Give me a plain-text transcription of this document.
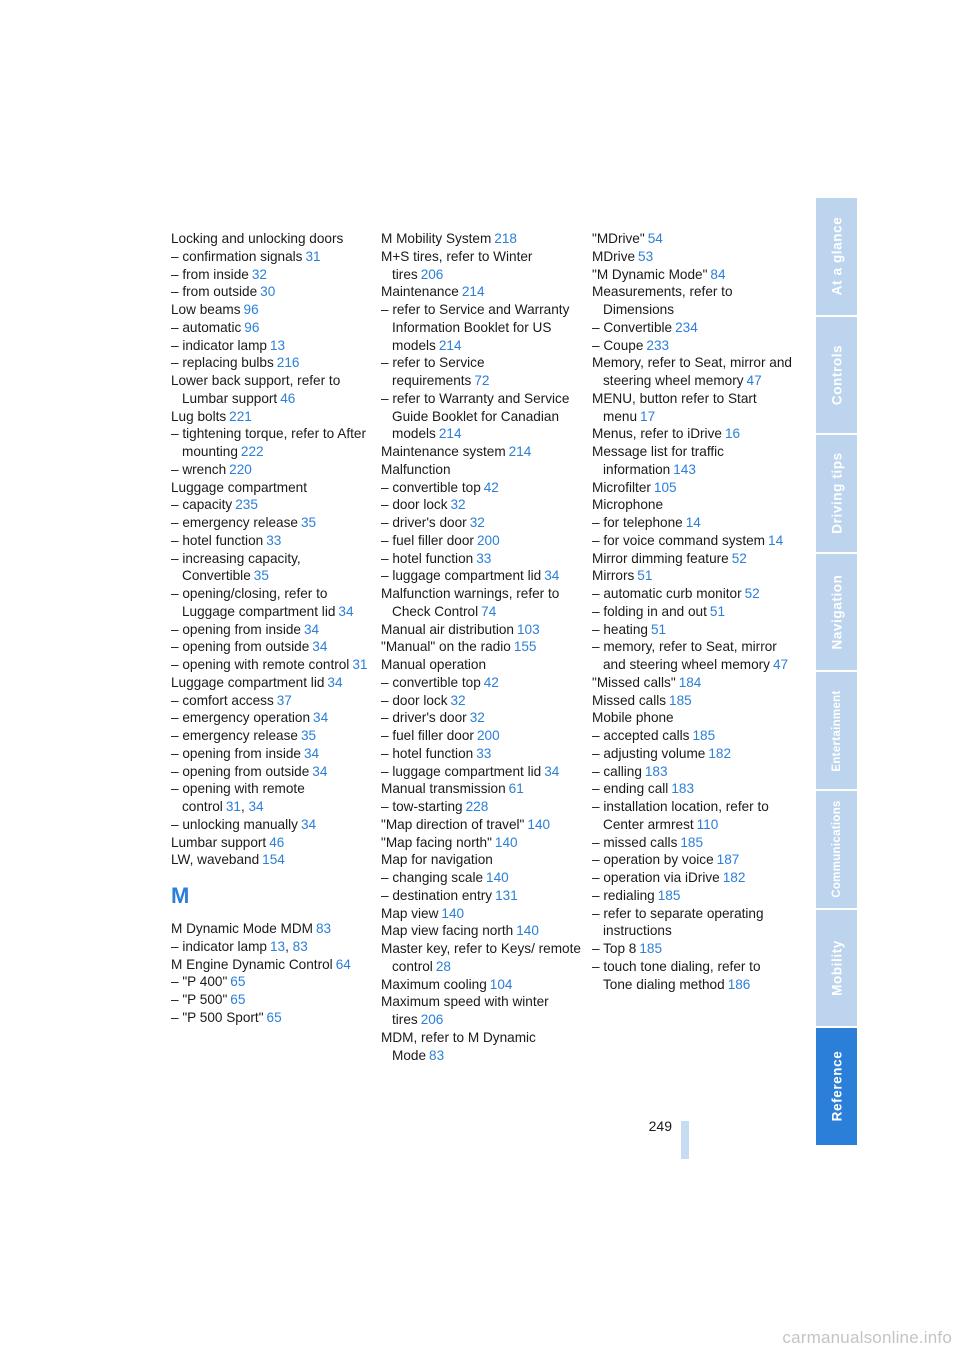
Locking and unlocking doors
– confirmation signals 31
– from inside 32
– from outside 30
Low beams 96
– automatic 96
– indicator lamp 13
– replacing bulbs 216
Lower back support, refer to Lumbar support 46
Lug bolts 221
– tightening torque, refer to After mounting 222
– wrench 220
Luggage compartment
– capacity 235
– emergency release 35
– hotel function 33
– increasing capacity, Convertible 35
– opening/closing, refer to Luggage compartment lid 34
– opening from inside 34
– opening from outside 34
– opening with remote control 31
Luggage compartment lid 34
– comfort access 37
– emergency operation 34
– emergency release 35
– opening from inside 34
– opening from outside 34
– opening with remote control 31, 34
– unlocking manually 34
Lumbar support 46
LW, waveband 154
M
M Dynamic Mode MDM 83
– indicator lamp 13, 83
M Engine Dynamic Control 64
– "P 400" 65
– "P 500" 65
– "P 500 Sport" 65
M Mobility System 218
M+S tires, refer to Winter tires 206
Maintenance 214
– refer to Service and Warranty Information Booklet for US models 214
– refer to Service requirements 72
– refer to Warranty and Service Guide Booklet for Canadian models 214
Maintenance system 214
Malfunction
– convertible top 42
– door lock 32
– driver's door 32
– fuel filler door 200
– hotel function 33
– luggage compartment lid 34
Malfunction warnings, refer to Check Control 74
Manual air distribution 103
"Manual" on the radio 155
Manual operation
– convertible top 42
– door lock 32
– driver's door 32
– fuel filler door 200
– hotel function 33
– luggage compartment lid 34
Manual transmission 61
– tow-starting 228
"Map direction of travel" 140
"Map facing north" 140
Map for navigation
– changing scale 140
– destination entry 131
Map view 140
Map view facing north 140
Master key, refer to Keys/ remote control 28
Maximum cooling 104
Maximum speed with winter tires 206
MDM, refer to M Dynamic Mode 83
"MDrive" 54
MDrive 53
"M Dynamic Mode" 84
Measurements, refer to Dimensions
– Convertible 234
– Coupe 233
Memory, refer to Seat, mirror and steering wheel memory 47
MENU, button refer to Start menu 17
Menus, refer to iDrive 16
Message list for traffic information 143
Microfilter 105
Microphone
– for telephone 14
– for voice command system 14
Mirror dimming feature 52
Mirrors 51
– automatic curb monitor 52
– folding in and out 51
– heating 51
– memory, refer to Seat, mirror and steering wheel memory 47
"Missed calls" 184
Missed calls 185
Mobile phone
– accepted calls 185
– adjusting volume 182
– calling 183
– ending call 183
– installation location, refer to Center armrest 110
– missed calls 185
– operation by voice 187
– operation via iDrive 182
– redialing 185
– refer to separate operating instructions
– Top 8 185
– touch tone dialing, refer to Tone dialing method 186
At a glance
Controls
Driving tips
Navigation
Entertainment
Communications
Mobility
Reference
249
carmanualsonline.info
